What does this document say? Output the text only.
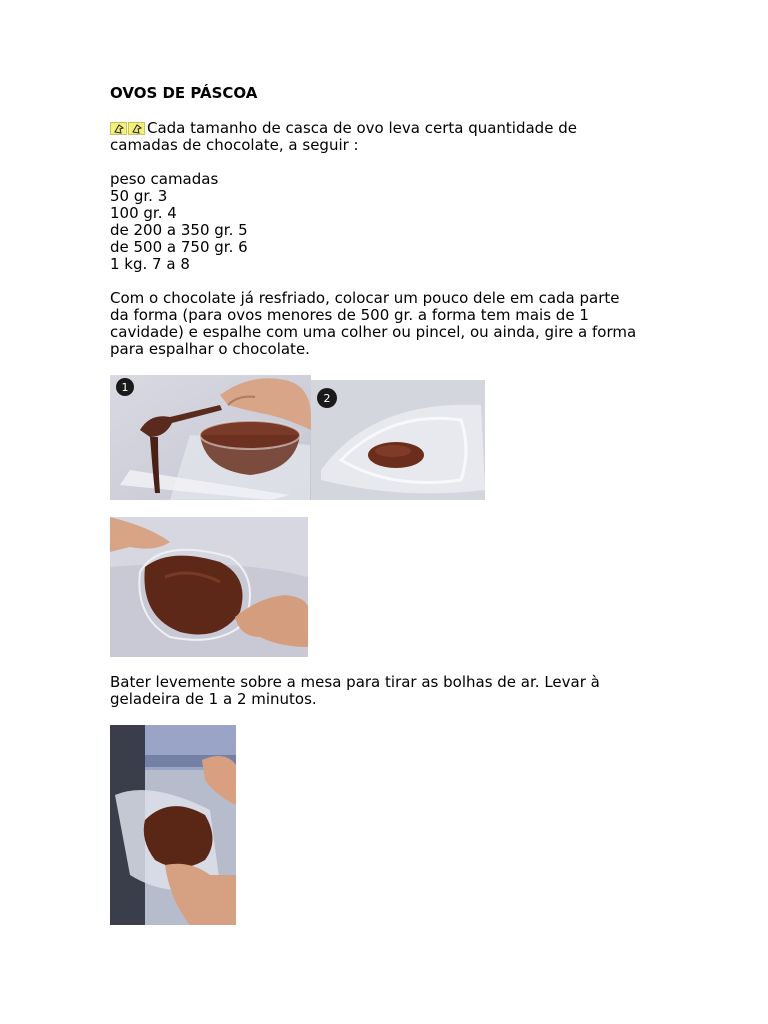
OVOS DE PÁSCOA
Cada tamanho de casca de ovo leva certa quantidade de
camadas de chocolate, a seguir :
peso camadas
50 gr. 3
100 gr. 4
de 200 a 350 gr. 5
de 500 a 750 gr. 6
1 kg. 7 a 8
Com o chocolate já resfriado, colocar um pouco dele em cada parte
da forma (para ovos menores de 500 gr. a forma tem mais de 1
cavidade) e espalhe com uma colher ou pincel, ou ainda, gire a forma
para espalhar o chocolate.
1
2
Bater levemente sobre a mesa para tirar as bolhas de ar. Levar à
geladeira de 1 a 2 minutos.
